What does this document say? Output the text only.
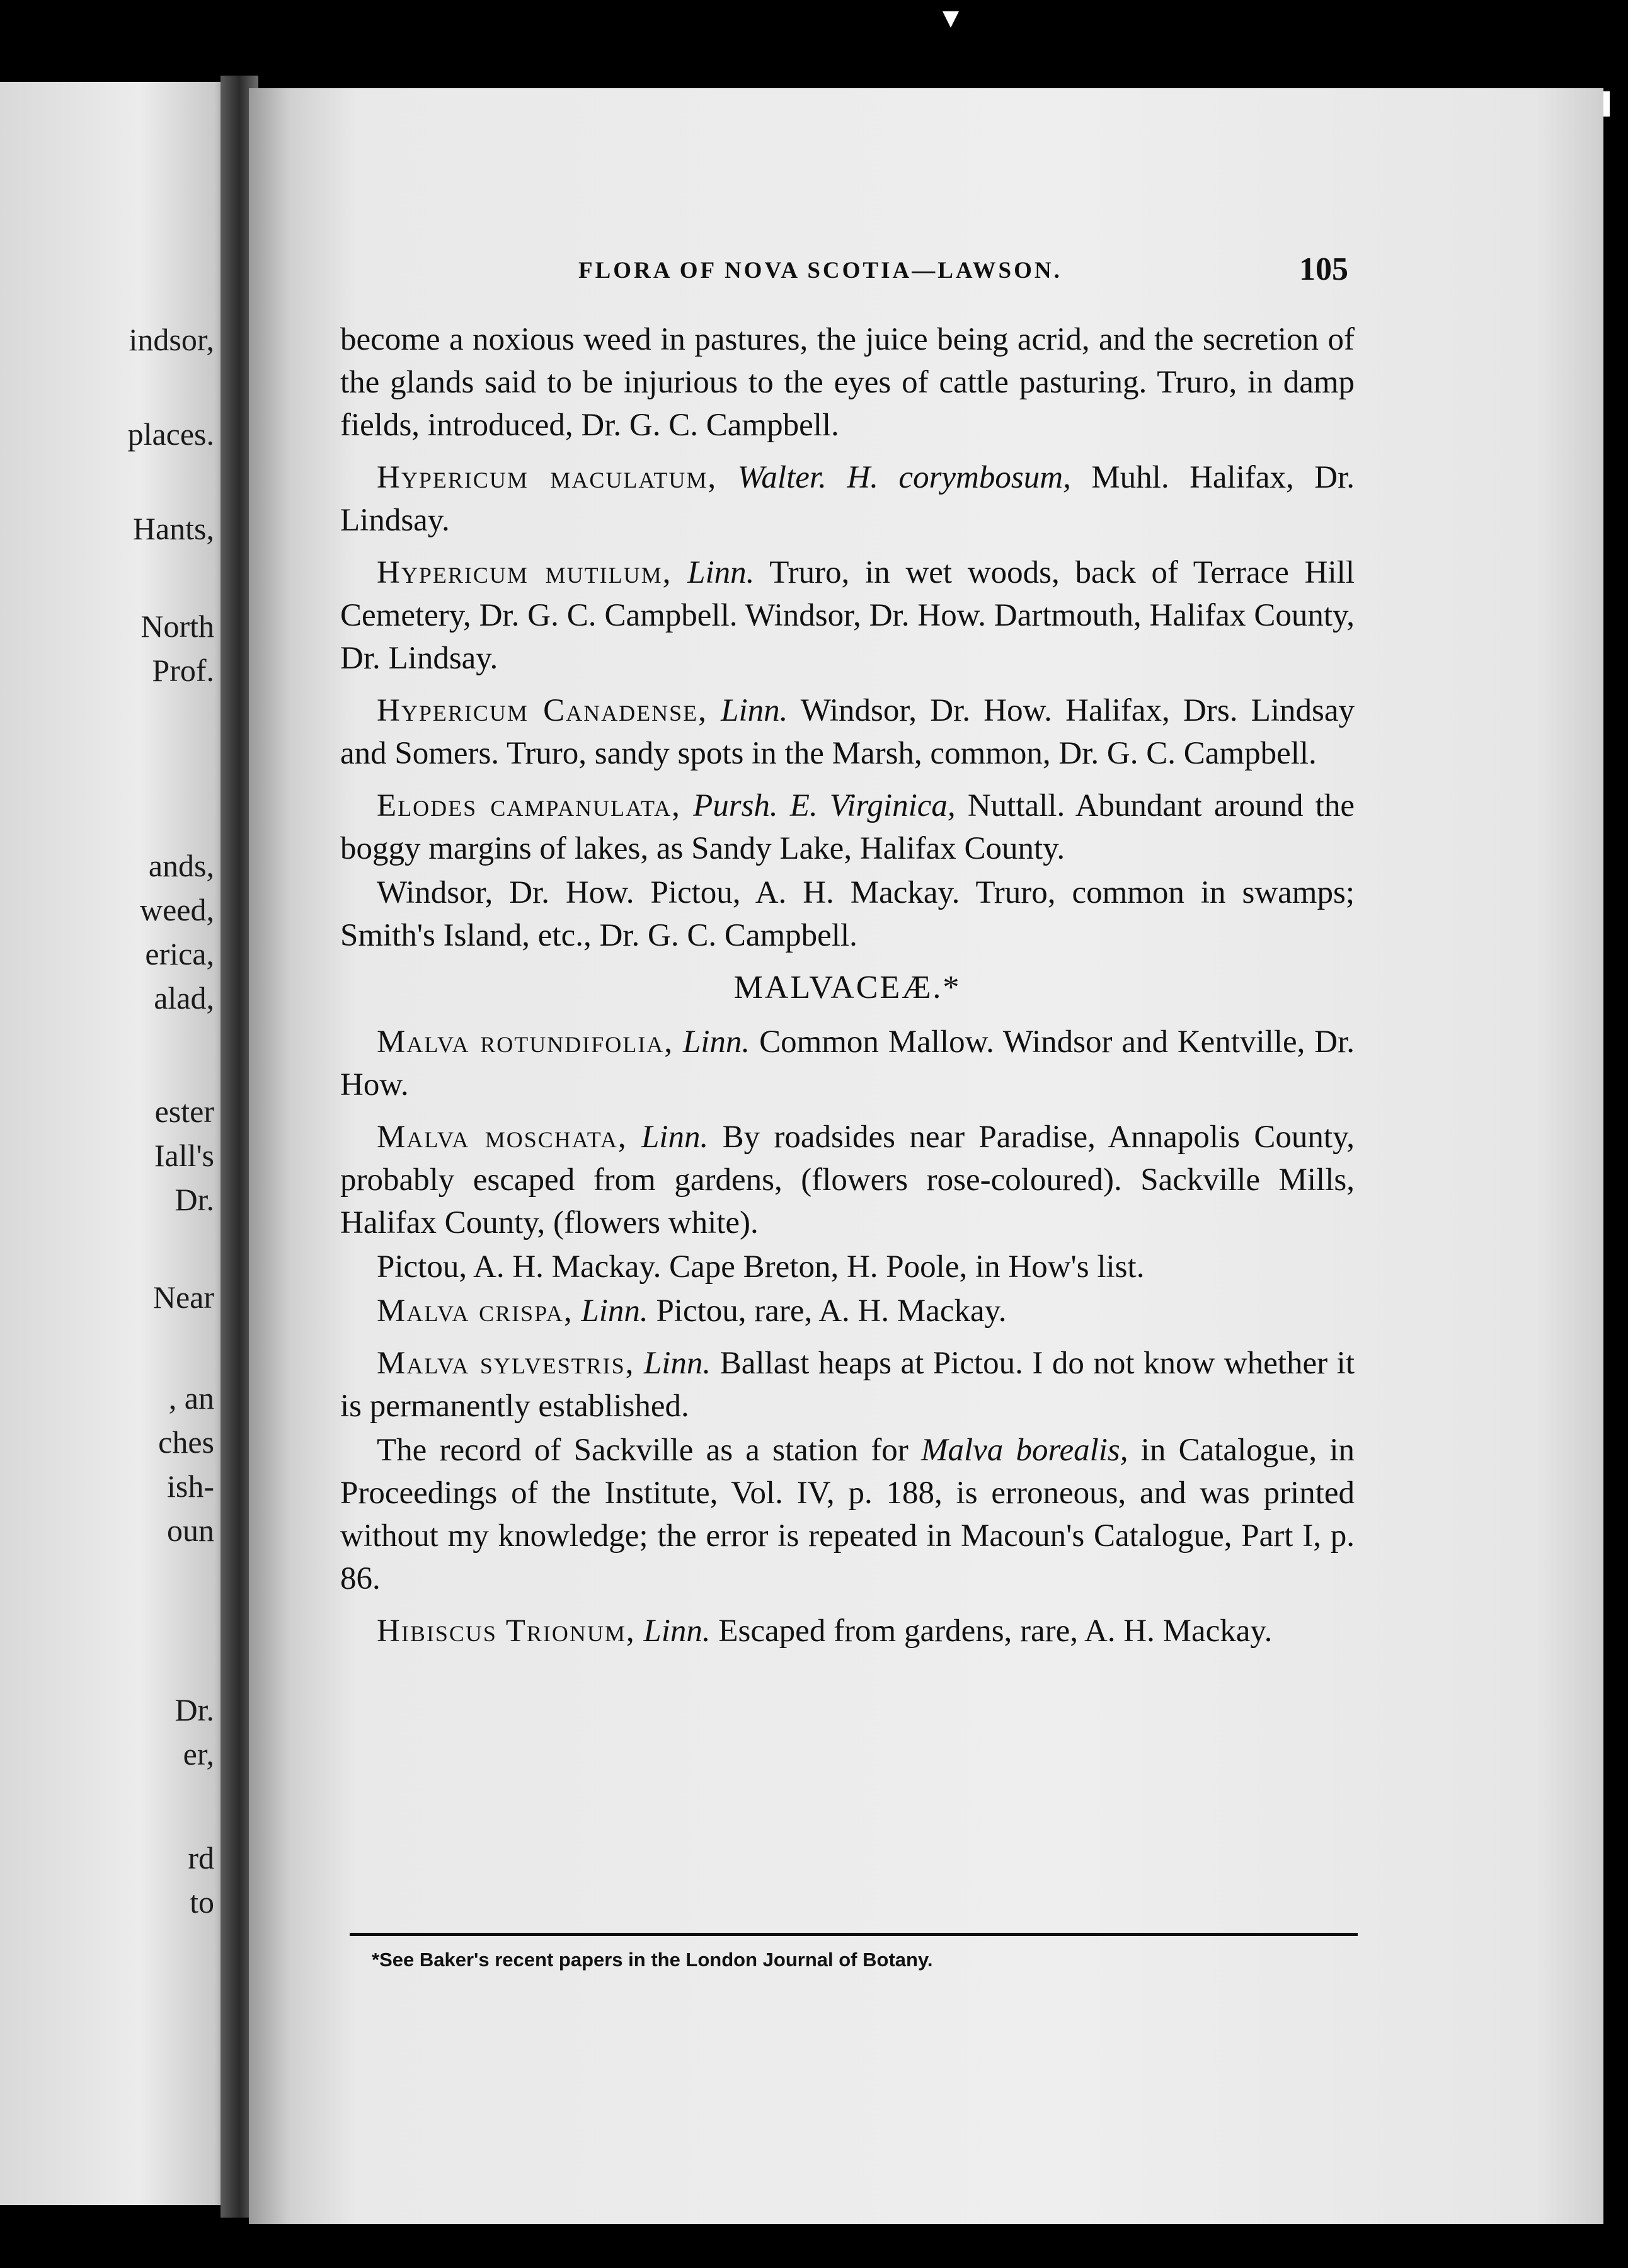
indsor,
places.
Hants,
North
Prof.
ands,
weed,
erica,
alad,
ester
Iall's
Dr.
Near
, an
ches
ish-
oun
Dr.
er,
rd
to
FLORA OF NOVA SCOTIA—LAWSON.	105

become a noxious weed in pastures, the juice being acrid, and the secretion of the glands said to be injurious to the eyes of cattle pasturing. Truro, in damp fields, introduced, Dr. G. C. Campbell.

Hypericum maculatum, Walter. H. corymbosum, Muhl. Halifax, Dr. Lindsay.

Hypericum mutilum, Linn. Truro, in wet woods, back of Terrace Hill Cemetery, Dr. G. C. Campbell. Windsor, Dr. How. Dartmouth, Halifax County, Dr. Lindsay.

Hypericum Canadense, Linn. Windsor, Dr. How. Halifax, Drs. Lindsay and Somers. Truro, sandy spots in the Marsh, common, Dr. G. C. Campbell.

Elodes campanulata, Pursh. E. Virginica, Nuttall. Abundant around the boggy margins of lakes, as Sandy Lake, Halifax County.

Windsor, Dr. How. Pictou, A. H. Mackay. Truro, common in swamps; Smith's Island, etc., Dr. G. C. Campbell.

MALVACEÆ.*

Malva rotundifolia, Linn. Common Mallow. Windsor and Kentville, Dr. How.

Malva moschata, Linn. By roadsides near Paradise, Annapolis County, probably escaped from gardens, (flowers rose-coloured). Sackville Mills, Halifax County, (flowers white).

Pictou, A. H. Mackay. Cape Breton, H. Poole, in How's list.

Malva crispa, Linn. Pictou, rare, A. H. Mackay.

Malva sylvestris, Linn. Ballast heaps at Pictou. I do not know whether it is permanently established.

The record of Sackville as a station for Malva borealis, in Catalogue, in Proceedings of the Institute, Vol. IV, p. 188, is erroneous, and was printed without my knowledge; the error is repeated in Macoun's Catalogue, Part I, p. 86.

Hibiscus Trionum, Linn. Escaped from gardens, rare, A. H. Mackay.

*See Baker's recent papers in the London Journal of Botany.
